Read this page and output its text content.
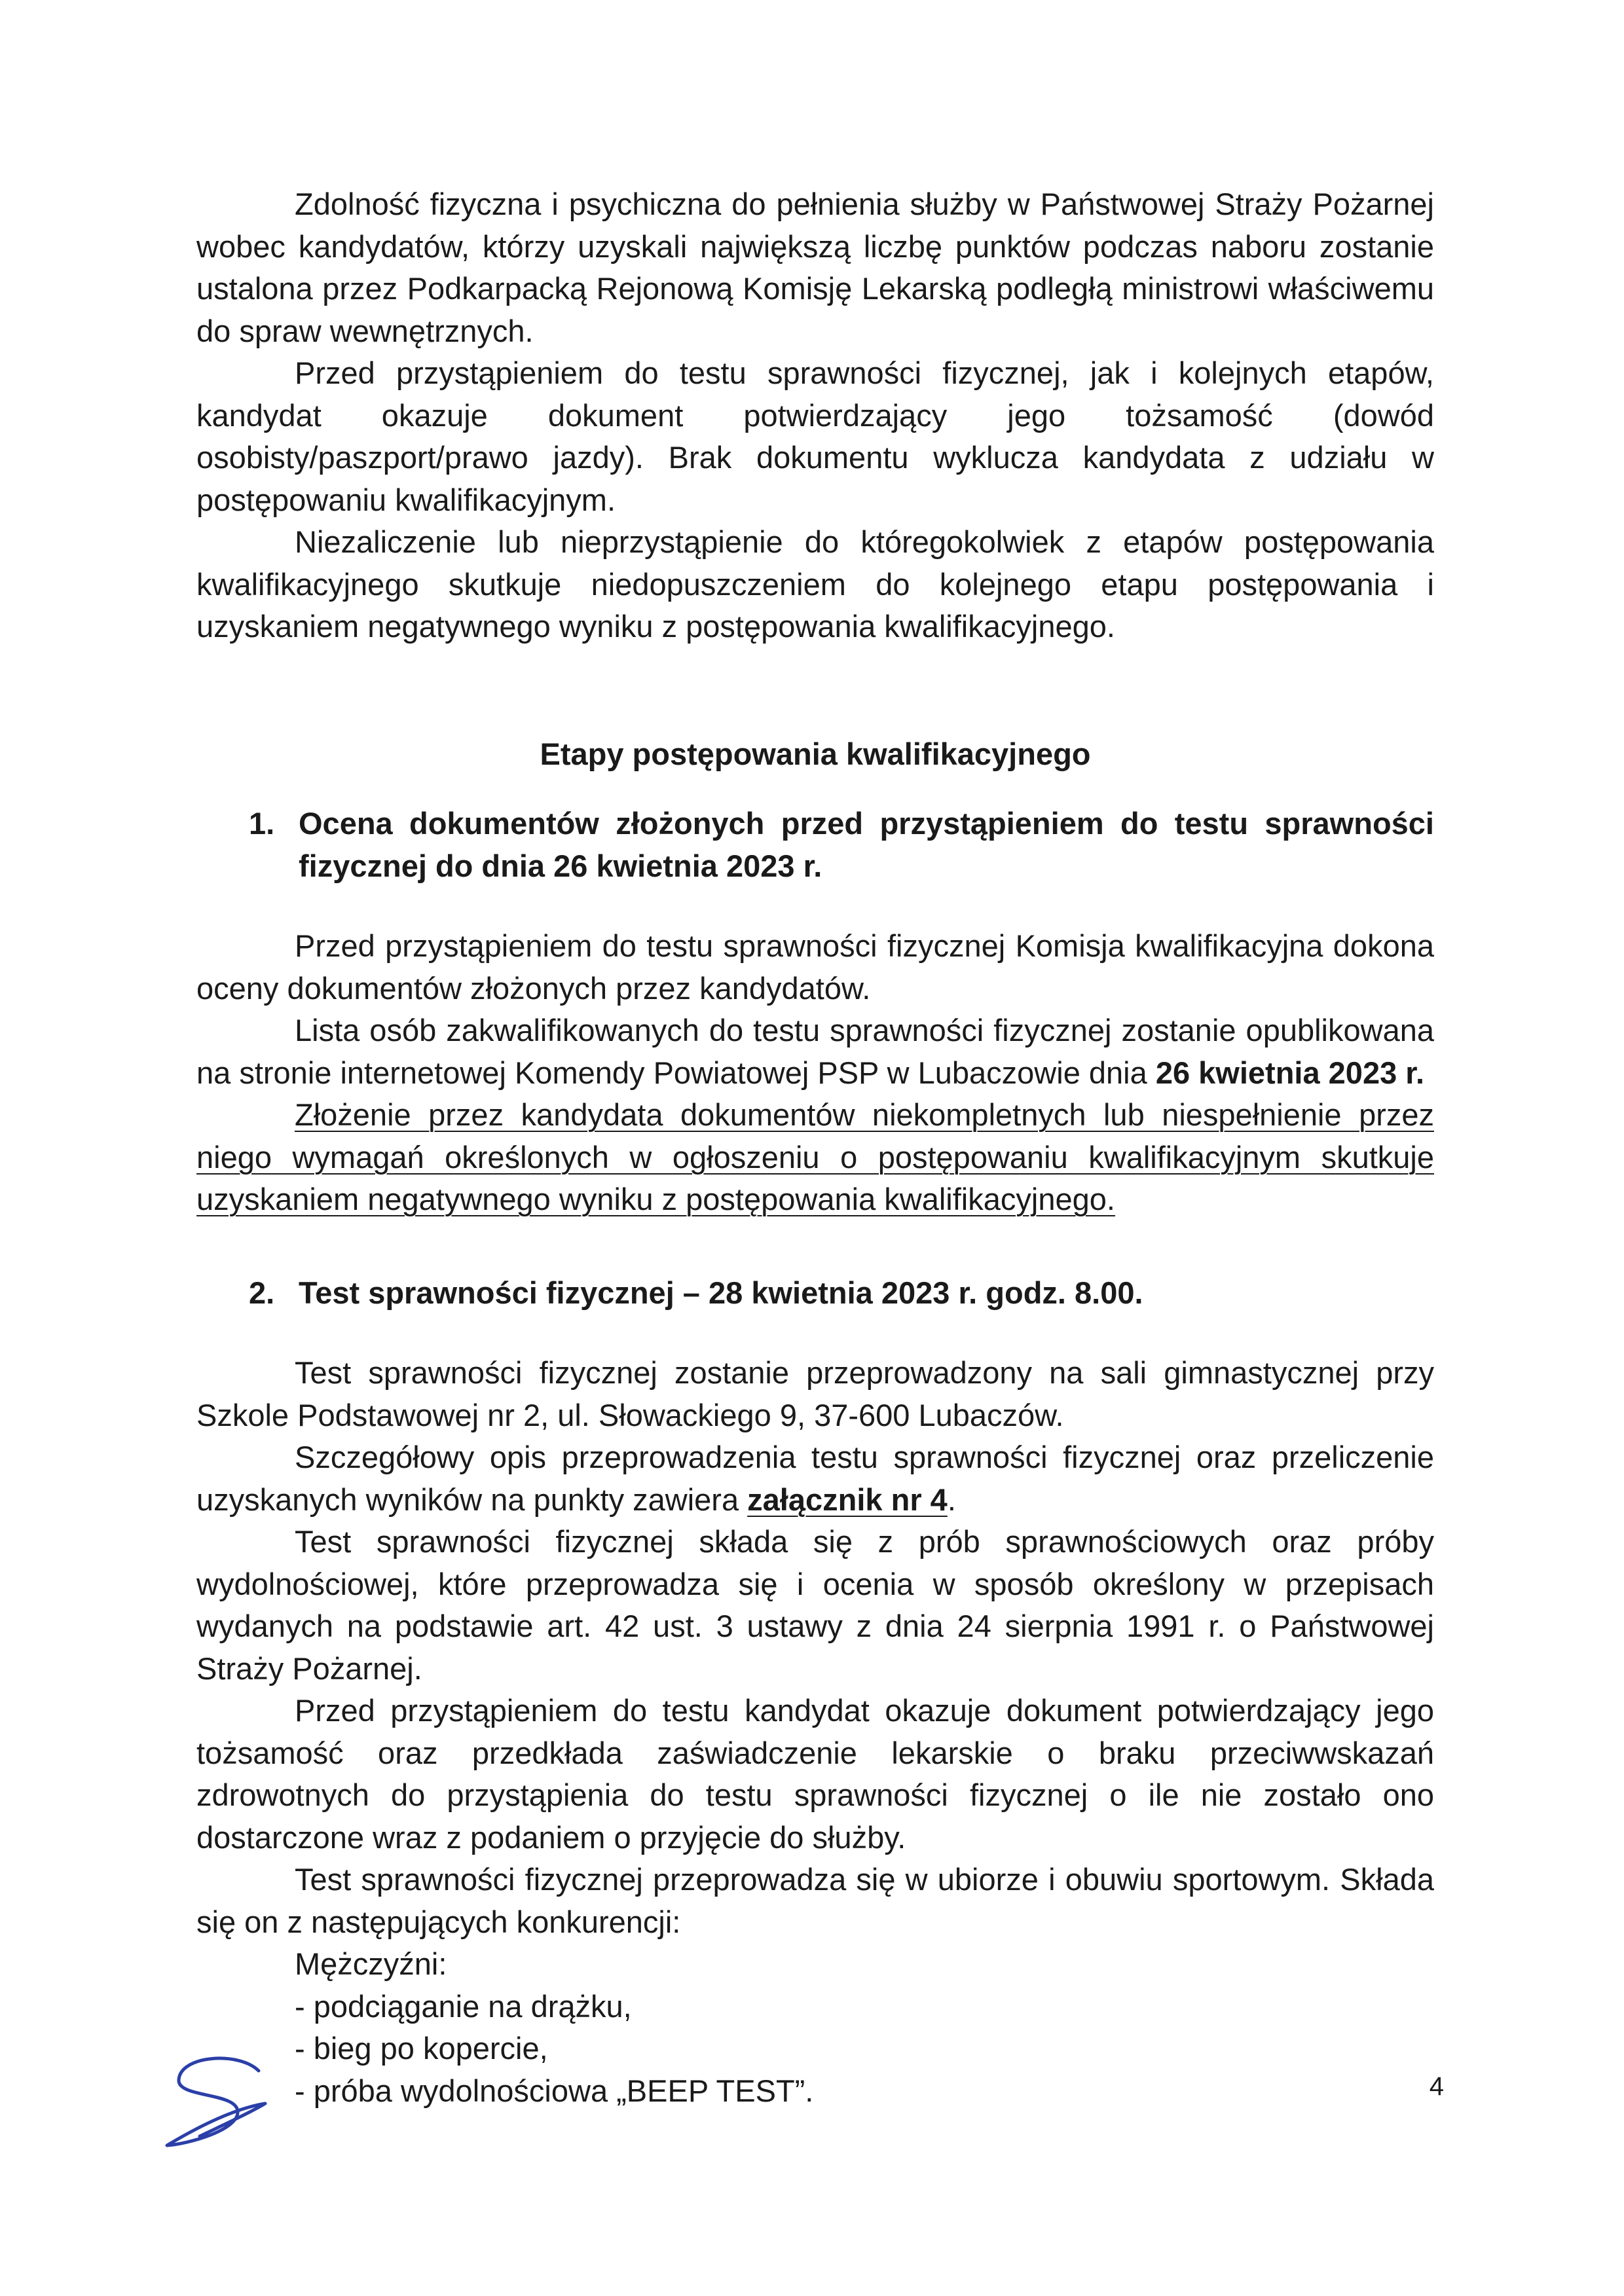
Zdolność fizyczna i psychiczna do pełnienia służby w Państwowej Straży Pożarnej wobec kandydatów, którzy uzyskali największą liczbę punktów podczas naboru zostanie ustalona przez Podkarpacką Rejonową Komisję Lekarską podległą ministrowi właściwemu do spraw wewnętrznych.

Przed przystąpieniem do testu sprawności fizycznej, jak i kolejnych etapów, kandydat okazuje dokument potwierdzający jego tożsamość (dowód osobisty/paszport/prawo jazdy). Brak dokumentu wyklucza kandydata z udziału w postępowaniu kwalifikacyjnym.

Niezaliczenie lub nieprzystąpienie do któregokolwiek z etapów postępowania kwalifikacyjnego skutkuje niedopuszczeniem do kolejnego etapu postępowania i uzyskaniem negatywnego wyniku z postępowania kwalifikacyjnego.

Etapy postępowania kwalifikacyjnego
1. Ocena dokumentów złożonych przed przystąpieniem do testu sprawności fizycznej do dnia 26 kwietnia 2023 r.

Przed przystąpieniem do testu sprawności fizycznej Komisja kwalifikacyjna dokona oceny dokumentów złożonych przez kandydatów.

Lista osób zakwalifikowanych do testu sprawności fizycznej zostanie opublikowana na stronie internetowej Komendy Powiatowej PSP w Lubaczowie dnia 26 kwietnia 2023 r.

Złożenie przez kandydata dokumentów niekompletnych lub niespełnienie przez niego wymagań określonych w ogłoszeniu o postępowaniu kwalifikacyjnym skutkuje uzyskaniem negatywnego wyniku z postępowania kwalifikacyjnego.

2. Test sprawności fizycznej – 28 kwietnia 2023 r. godz. 8.00.

Test sprawności fizycznej zostanie przeprowadzony na sali gimnastycznej przy Szkole Podstawowej nr 2, ul. Słowackiego 9, 37-600 Lubaczów.

Szczegółowy opis przeprowadzenia testu sprawności fizycznej oraz przeliczenie uzyskanych wyników na punkty zawiera załącznik nr 4.

Test sprawności fizycznej składa się z prób sprawnościowych oraz próby wydolnościowej, które przeprowadza się i ocenia w sposób określony w przepisach wydanych na podstawie art. 42 ust. 3 ustawy z dnia 24 sierpnia 1991 r. o Państwowej Straży Pożarnej.

Przed przystąpieniem do testu kandydat okazuje dokument potwierdzający jego tożsamość oraz przedkłada zaświadczenie lekarskie o braku przeciwwskazań zdrowotnych do przystąpienia do testu sprawności fizycznej o ile nie zostało ono dostarczone wraz z podaniem o przyjęcie do służby.

Test sprawności fizycznej przeprowadza się w ubiorze i obuwiu sportowym. Składa się on z następujących konkurencji:

Mężczyźni:
- podciąganie na drążku,
- bieg po kopercie,
- próba wydolnościowa „BEEP TEST”.	4
